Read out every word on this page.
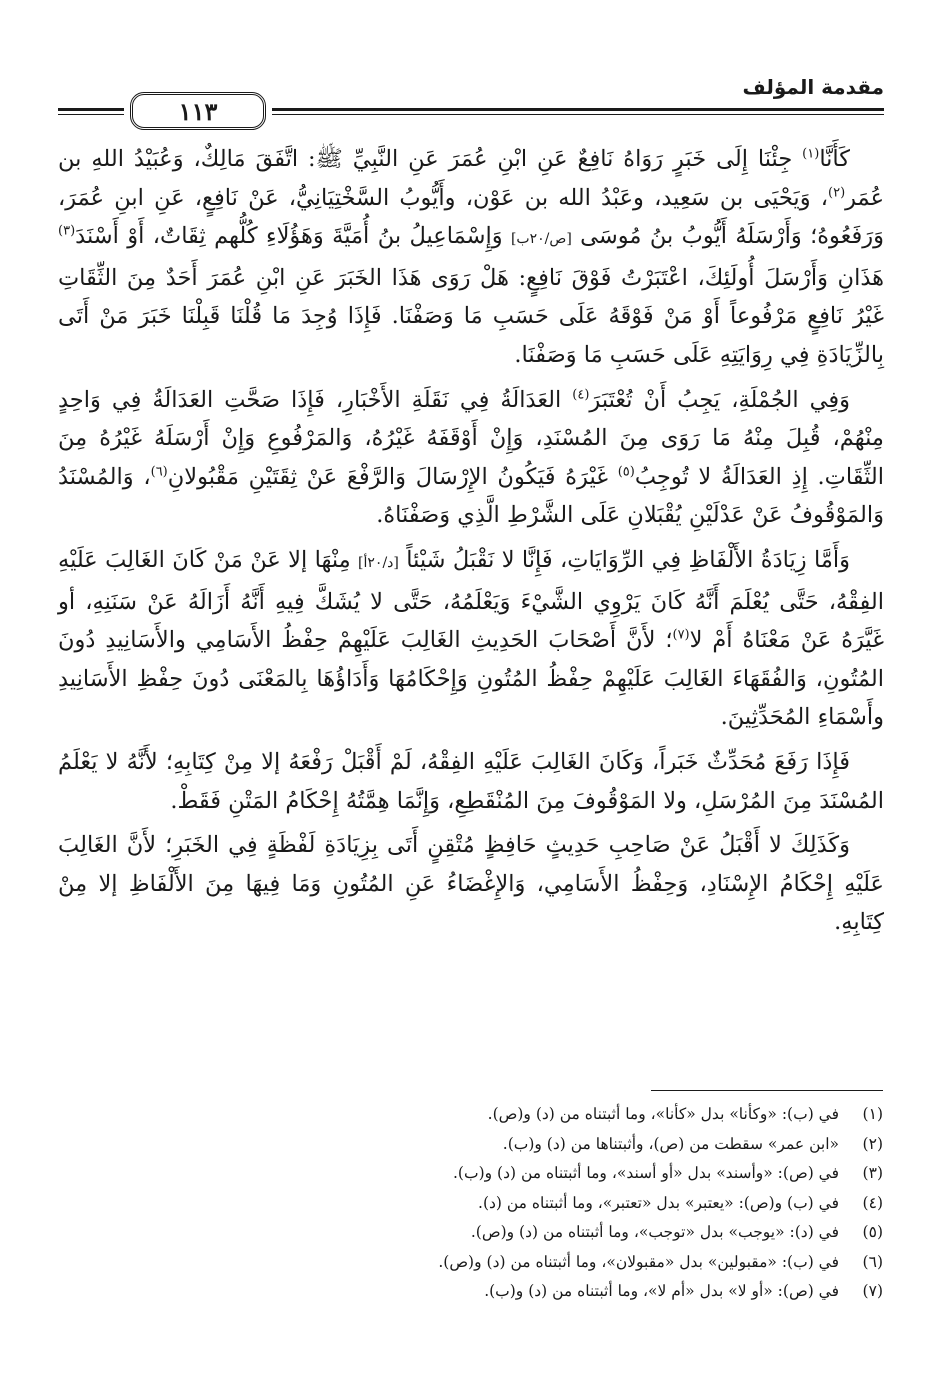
مقدمة المؤلف
١١٣

كَأَنَّا$^{(١)}$ جِئْنَا إِلَى خَبَرٍ رَوَاهُ نَافِعٌ عَنِ ابْنِ عُمَرَ عَنِ النَّبِيِّ ﷺ: اتَّفَقَ مَالِكٌ، وَعُبَيْدُ اللهِ بن عُمَر$^{(٢)}$، وَيَحْيَى بن سَعِيد، وعَبْدُ الله بن عَوْن، وأَيُّوبُ السَّخْتِيَانِيُّ، عَنْ نَافِعٍ، عَنِ ابنِ عُمَرَ، وَرَفَعُوهُ؛ وَأَرْسَلَهُ أَيُّوبُ بنُ مُوسَى [ص/٢٠ب] وَإِسْمَاعِيلُ بنُ أُمَيَّةَ وَهَؤُلَاءِ كُلُّهم ثِقَاتٌ، أَوْ أَسْنَدَ$^{(٣)}$ هَذَانِ وَأَرْسَلَ أُولَئِكَ، اعْتَبَرْتُ فَوْقَ نَافِعٍ: هَلْ رَوَى هَذَا الخَبَرَ عَنِ ابْنِ عُمَرَ أَحَدٌ مِنَ الثِّقَاتِ غَيْرُ نَافِعٍ مَرْفُوعاً أَوْ مَنْ فَوْقَهُ عَلَى حَسَبِ مَا وَصَفْنَا. فَإِذَا وُجِدَ مَا قُلْنَا قَبِلْنَا خَبَرَ مَنْ أَتَى بِالزِّيَادَةِ فِي رِوَايَتِهِ عَلَى حَسَبِ مَا وَصَفْنَا.

وَفِي الجُمْلَةِ، يَجِبُ أَنْ تُعْتَبَرَ$^{(٤)}$ العَدَالَةُ فِي نَقَلَةِ الأَخْبَارِ، فَإِذَا صَحَّتِ العَدَالَةُ فِي وَاحِدٍ مِنْهُمْ، قُبِلَ مِنْهُ مَا رَوَى مِنَ المُسْنَدِ، وَإِنْ أَوْقَفَهُ غَيْرُهُ، وَالمَرْفُوعِ وَإِنْ أَرْسَلَهُ غَيْرُهُ مِنَ الثِّقَاتِ. إِذِ العَدَالَةُ لا تُوجِبُ$^{(٥)}$ غَيْرَهُ فَيَكُونُ الإِرْسَالَ وَالرَّفْعَ عَنْ ثِقَتَيْنِ مَقْبُولانِ$^{(٦)}$، وَالمُسْنَدُ وَالمَوْقُوفُ عَنْ عَدْلَيْنِ يُقْبَلانِ عَلَى الشَّرْطِ الَّذِي وَصَفْنَاهُ.

وَأَمَّا زِيَادَةُ الأَلْفَاظِ فِي الرِّوَايَاتِ، فَإِنَّا لا نَقْبَلُ شَيْئاً [د/٢٠أ] مِنْهَا إلا عَنْ مَنْ كَانَ الغَالِبَ عَلَيْهِ الفِقْهُ، حَتَّى يُعْلَمَ أَنَّهُ كَانَ يَرْوِي الشَّيْءَ وَيَعْلَمُهُ، حَتَّى لا يُشَكَّ فِيهِ أَنَّهُ أَزَالَهُ عَنْ سَنَنِهِ، أو غَيَّرَهُ عَنْ مَعْنَاهُ أَمْ لا$^{(٧)}$؛ لأَنَّ أَصْحَابَ الحَدِيثِ الغَالِبَ عَلَيْهِمْ حِفْظُ الأَسَامِي والأَسَانِيدِ دُونَ المُتُونِ، وَالفُقَهَاءَ الغَالِبَ عَلَيْهِمْ حِفْظُ المُتُونِ وَإِحْكَامُهَا وَأَدَاؤُهَا بِالمَعْنَى دُونَ حِفْظِ الأَسَانِيدِ وأَسْمَاءِ المُحَدِّثِينَ.

فَإِذَا رَفَعَ مُحَدِّثٌ خَبَراً، وَكَانَ الغَالِبَ عَلَيْهِ الفِقْهُ، لَمْ أَقْبَلْ رَفْعَهُ إلا مِنْ كِتَابِهِ؛ لأَنَّهُ لا يَعْلَمُ المُسْنَدَ مِنَ المُرْسَلِ، ولا المَوْقُوفَ مِنَ المُنْقَطِعِ، وَإِنَّمَا هِمَّتُهُ إِحْكَامُ المَتْنِ فَقَطْ.

وَكَذَلِكَ لا أَقْبَلُ عَنْ صَاحِبِ حَدِيثٍ حَافِظٍ مُتْقِنٍ أَتَى بِزِيَادَةِ لَفْظَةٍ فِي الخَبَرِ؛ لأَنَّ الغَالِبَ عَلَيْهِ إِحْكَامُ الإِسْنَادِ، وَحِفْظُ الأَسَامِي، وَالإِغْضَاءُ عَنِ المُتُونِ وَمَا فِيهَا مِنَ الأَلْفَاظِ إلا مِنْ كِتَابِهِ.

(١)
في (ب): «وكأنا» بدل «كأنا»، وما أثبتناه من (د) و(ص).
(٢)
«ابن عمر» سقطت من (ص)، وأثبتناها من (د) و(ب).
(٣)
في (ص): «وأسند» بدل «أو أسند»، وما أثبتناه من (د) و(ب).
(٤)
في (ب) و(ص): «يعتبر» بدل «تعتبر»، وما أثبتناه من (د).
(٥)
في (د): «يوجب» بدل «توجب»، وما أثبتناه من (د) و(ص).
(٦)
في (ب): «مقبولين» بدل «مقبولان»، وما أثبتناه من (د) و(ص).
(٧)
في (ص): «أو لا» بدل «أم لا»، وما أثبتناه من (د) و(ب).
